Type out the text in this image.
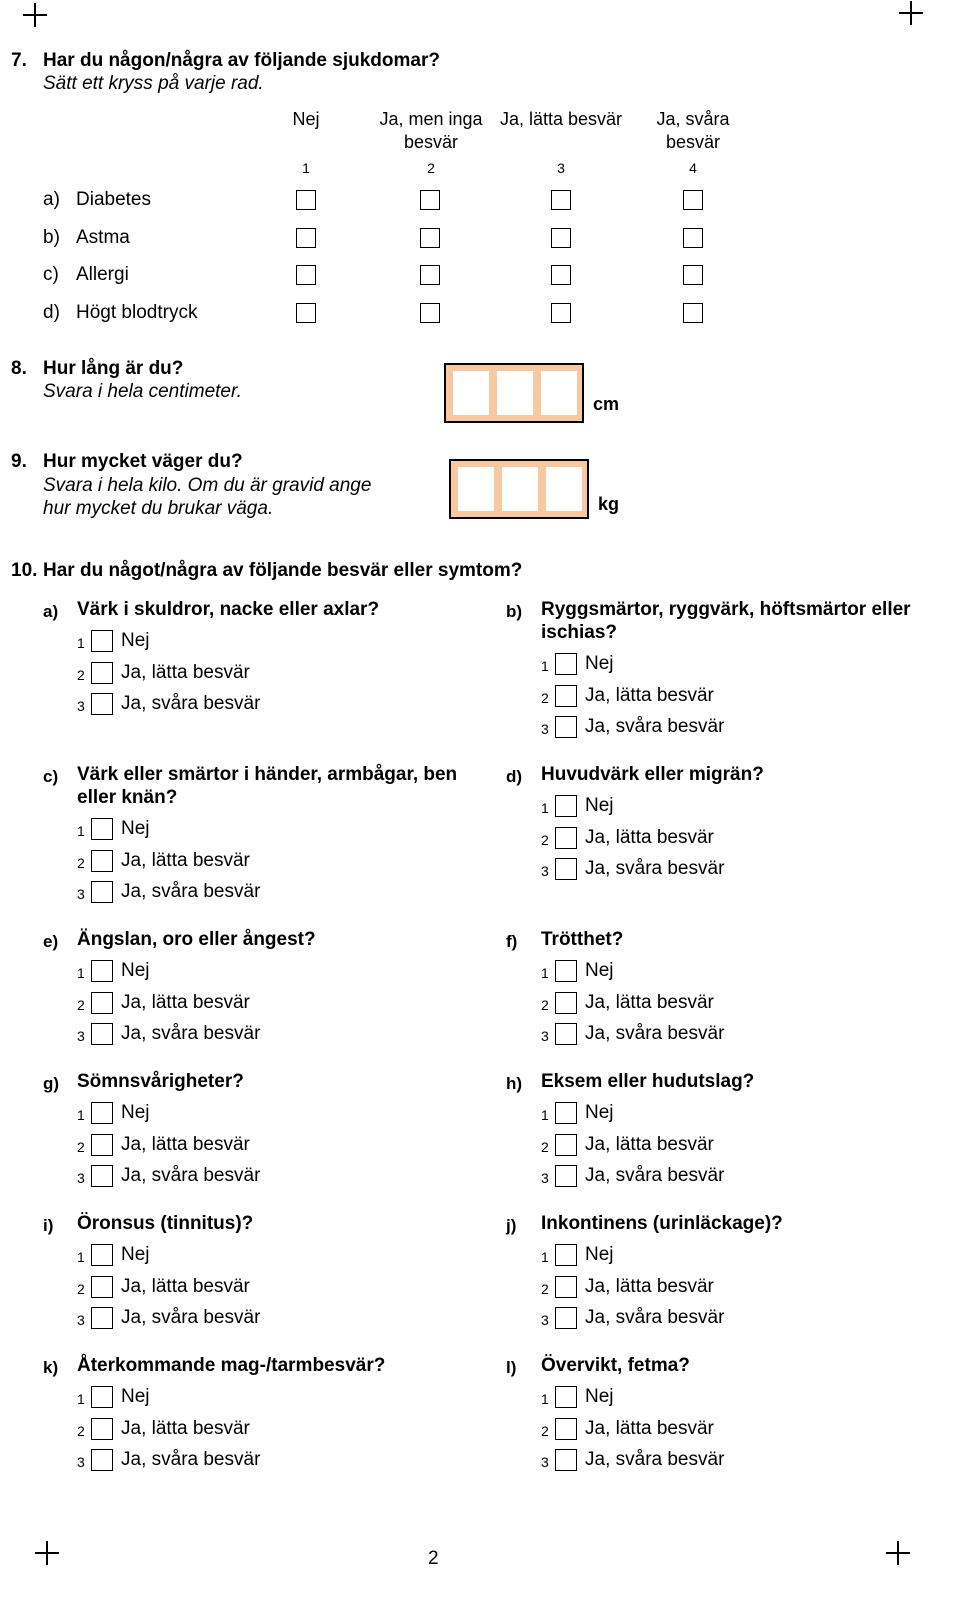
7. Har du någon/några av följande sjukdomar?
Sätt ett kryss på varje rad.
Nej	Ja, men inga besvär
Ja, lätta besvär	Ja, svåra besvär
1	2	3	4
a) Diabetes
b) Astma
c) Allergi
d) Högt blodtryck
8. Hur lång är du?
Svara i hela centimeter.
cm
9. Hur mycket väger du?
Svara i hela kilo. Om du är gravid ange
hur mycket du brukar väga.	kg
10. Har du något/några av följande besvär eller symtom?
a) Värk i skuldror, nacke eller axlar?
1 Nej
2 Ja, lätta besvär
3 Ja, svåra besvär
b) Ryggsmärtor, ryggvärk, höftsmärtor eller ischias?
1 Nej
2 Ja, lätta besvär
3 Ja, svåra besvär
c) Värk eller smärtor i händer, armbågar, ben eller knän?
1 Nej
2 Ja, lätta besvär
3 Ja, svåra besvär
d) Huvudvärk eller migrän?
1 Nej
2 Ja, lätta besvär
3 Ja, svåra besvär
e) Ängslan, oro eller ångest?
1 Nej
2 Ja, lätta besvär
3 Ja, svåra besvär
f) Trötthet?
1 Nej
2 Ja, lätta besvär
3 Ja, svåra besvär
g) Sömnsvårigheter?
1 Nej
2 Ja, lätta besvär
3 Ja, svåra besvär
h) Eksem eller hudutslag?
1 Nej
2 Ja, lätta besvär
3 Ja, svåra besvär
i) Öronsus (tinnitus)?
1 Nej
2 Ja, lätta besvär
3 Ja, svåra besvär
j) Inkontinens (urinläckage)?
1 Nej
2 Ja, lätta besvär
3 Ja, svåra besvär
k) Återkommande mag-/tarmbesvär?
1 Nej
2 Ja, lätta besvär
3 Ja, svåra besvär
l) Övervikt, fetma?
1 Nej
2 Ja, lätta besvär
3 Ja, svåra besvär
2
